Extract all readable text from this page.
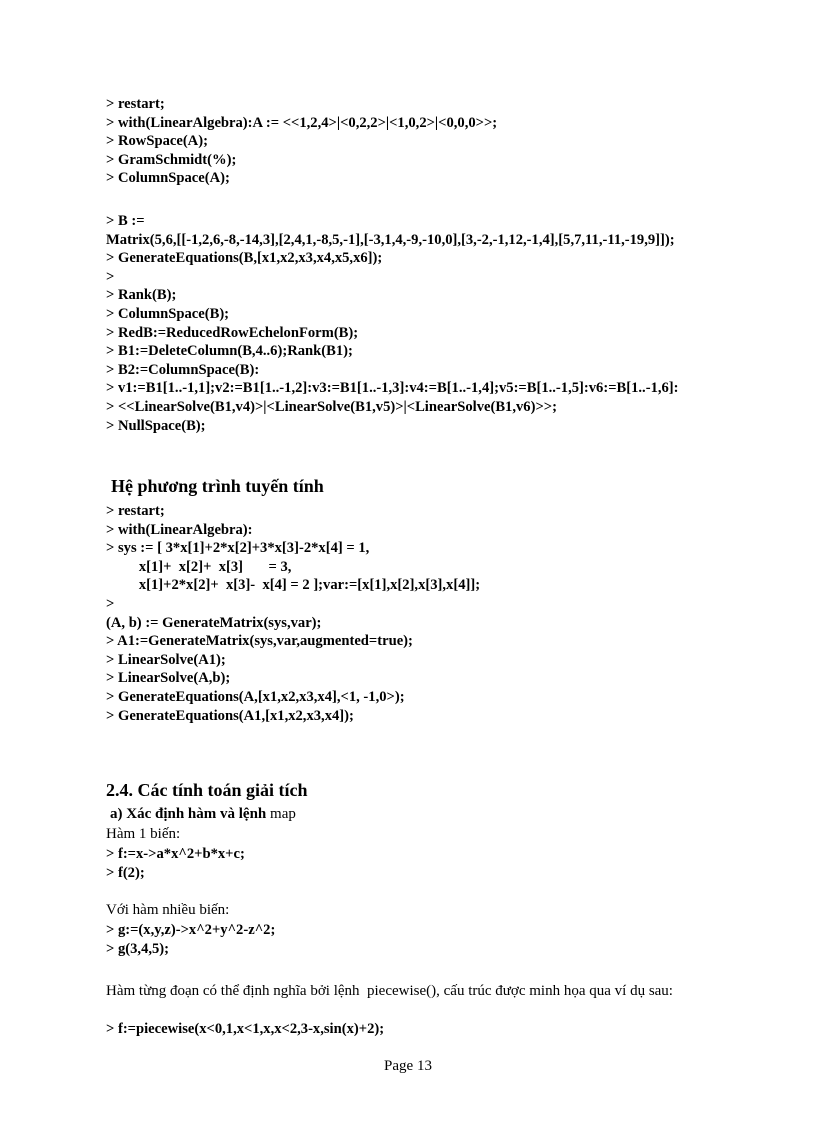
> restart;
> with(LinearAlgebra):A := <<1,2,4>|<0,2,2>|<1,0,2>|<0,0,0>>;
> RowSpace(A);
> GramSchmidt(%);
> ColumnSpace(A);
> B :=
Matrix(5,6,[[-1,2,6,-8,-14,3],[2,4,1,-8,5,-1],[-3,1,4,-9,-10,0],[3,-2,-1,12,-1,4],[5,7,11,-11,-19,9]]);
> GenerateEquations(B,[x1,x2,x3,x4,x5,x6]);
>
> Rank(B);
> ColumnSpace(B);
> RedB:=ReducedRowEchelonForm(B);
> B1:=DeleteColumn(B,4..6);Rank(B1);
> B2:=ColumnSpace(B):
> v1:=B1[1..-1,1];v2:=B1[1..-1,2]:v3:=B1[1..-1,3]:v4:=B[1..-1,4];v5:=B[1..-1,5]:v6:=B[1..-1,6]:
> <<LinearSolve(B1,v4)>|<LinearSolve(B1,v5)>|<LinearSolve(B1,v6)>>;
> NullSpace(B);
Hệ phương trình tuyến tính
> restart;
> with(LinearAlgebra):
> sys := [ 3*x[1]+2*x[2]+3*x[3]-2*x[4] = 1,
x[1]+  x[2]+  x[3]       = 3,
x[1]+2*x[2]+  x[3]-  x[4] = 2 ];var:=[x[1],x[2],x[3],x[4]];
>
(A, b) := GenerateMatrix(sys,var);
> A1:=GenerateMatrix(sys,var,augmented=true);
> LinearSolve(A1);
> LinearSolve(A,b);
> GenerateEquations(A,[x1,x2,x3,x4],<1, -1,0>);
> GenerateEquations(A1,[x1,x2,x3,x4]);
2.4. Các tính toán giải tích
a) Xác định hàm và lệnh map
Hàm 1 biến:
> f:=x->a*x^2+b*x+c;
> f(2);
Với hàm nhiều biến:
> g:=(x,y,z)->x^2+y^2-z^2;
> g(3,4,5);
Hàm từng đoạn có thể định nghĩa bởi lệnh  piecewise(), cấu trúc được minh họa qua ví dụ sau:
> f:=piecewise(x<0,1,x<1,x,x<2,3-x,sin(x)+2);
Page 13
